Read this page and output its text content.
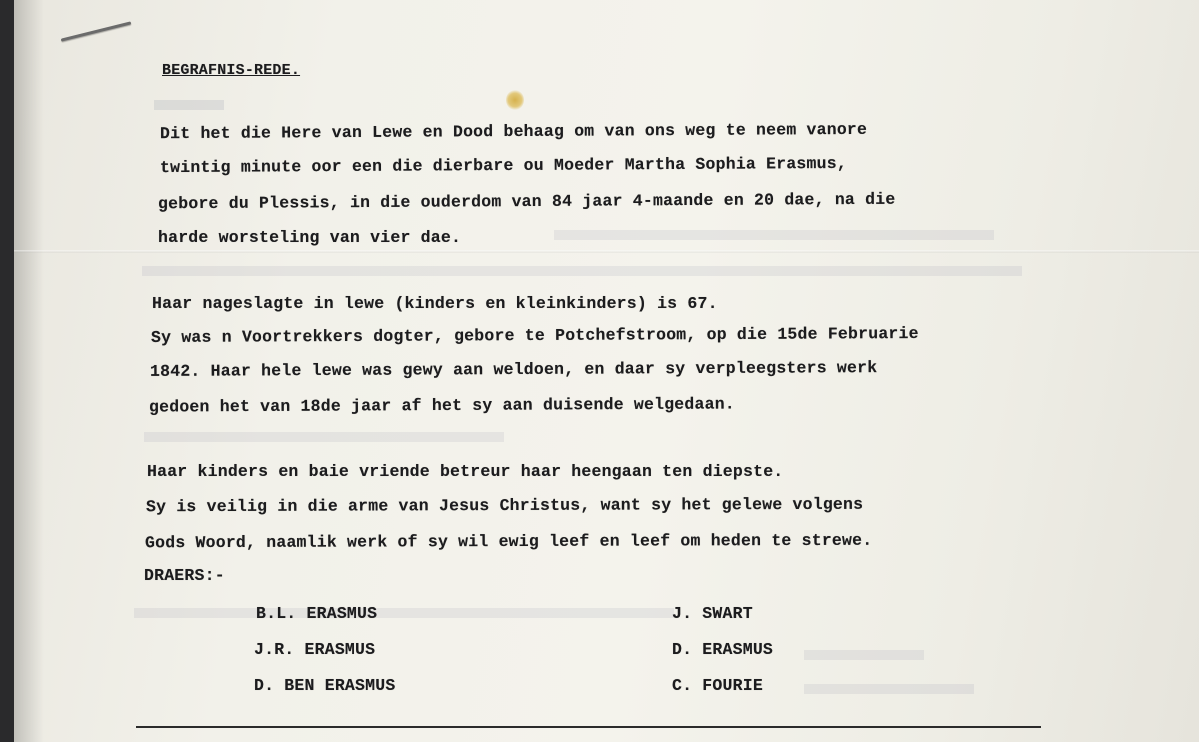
BEGRAFNIS-REDE.
Dit het die Here van Lewe en Dood behaag om van ons weg te neem vanore
twintig minute oor een die dierbare ou Moeder Martha Sophia Erasmus,
gebore du Plessis, in die ouderdom van 84 jaar 4-maande en 20 dae, na die
harde worsteling van vier dae.
Haar nageslagte in lewe (kinders en kleinkinders) is 67.
Sy was n Voortrekkers dogter, gebore te Potchefstroom, op die 15de Februarie
1842. Haar hele lewe was gewy aan weldoen, en daar sy verpleegsters werk
gedoen het van 18de jaar af het sy aan duisende welgedaan.
Haar kinders en baie vriende betreur haar heengaan ten diepste.
Sy is veilig in die arme van Jesus Christus, want sy het gelewe volgens
Gods Woord, naamlik werk of sy wil ewig leef en leef om heden te strewe.
DRAERS:-
B.L. ERASMUS
J.R. ERASMUS
D. BEN ERASMUS
J. SWART
D. ERASMUS
C. FOURIE
